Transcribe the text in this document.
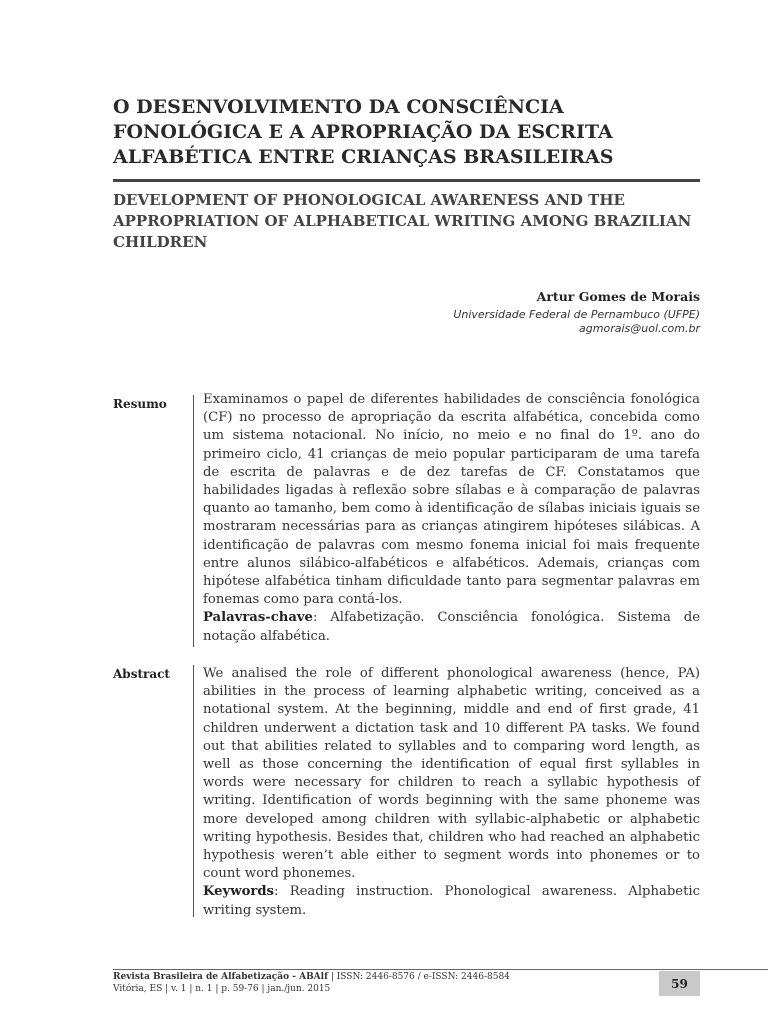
O DESENVOLVIMENTO DA CONSCIÊNCIA FONOLÓGICA E A APROPRIAÇÃO DA ESCRITA ALFABÉTICA ENTRE CRIANÇAS BRASILEIRAS
DEVELOPMENT OF PHONOLOGICAL AWARENESS AND THE APPROPRIATION OF ALPHABETICAL WRITING AMONG BRAZILIAN CHILDREN
Artur Gomes de Morais
Universidade Federal de Pernambuco (UFPE)
agmorais@uol.com.br
Resumo	Examinamos o papel de diferentes habilidades de consciência fonológica (CF) no processo de apropriação da escrita alfabética, concebida como um sistema notacional. No início, no meio e no final do 1º. ano do primeiro ciclo, 41 crianças de meio popular participaram de uma tarefa de escrita de palavras e de dez tarefas de CF. Constatamos que habilidades ligadas à reflexão sobre sílabas e à comparação de palavras quanto ao tamanho, bem como à identificação de sílabas iniciais iguais se mostraram necessárias para as crianças atingirem hipóteses silábicas. A identificação de palavras com mesmo fonema inicial foi mais frequente entre alunos silábico-alfabéticos e alfabéticos. Ademais, crianças com hipótese alfabética tinham dificuldade tanto para segmentar palavras em fonemas como para contá-los.

Palavras-chave: Alfabetização. Consciência fonológica. Sistema de notação alfabética.

Abstract	We analised the role of different phonological awareness (hence, PA) abilities in the process of learning alphabetic writing, conceived as a notational system. At the beginning, middle and end of first grade, 41 children underwent a dictation task and 10 different PA tasks. We found out that abilities related to syllables and to comparing word length, as well as those concerning the identification of equal first syllables in words were necessary for children to reach a syllabic hypothesis of writing. Identification of words beginning with the same phoneme was more developed among children with syllabic-alphabetic or alphabetic writing hypothesis. Besides that, children who had reached an alphabetic hypothesis weren’t able either to segment words into phonemes or to count word phonemes.

Keywords: Reading instruction. Phonological awareness. Alphabetic writing system.

Revista Brasileira de Alfabetização - ABAlf | ISSN: 2446-8576 / e-ISSN: 2446-8584
Vitória, ES | v. 1 | n. 1 | p. 59-76 | jan./jun. 2015	59
